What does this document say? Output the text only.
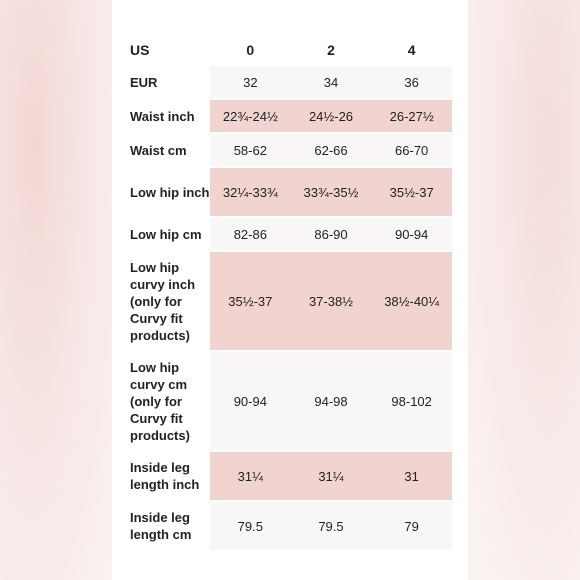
US	0	2	4
EUR	32	34	36

Waist inch	22¾-24½	24½-26	26-27½

Waist cm	58-62	62-66	66-70

Low hip inch	32¼-33¾	33¾-35½	35½-37

Low hip cm	82-86	86-90	90-94

Low hip curvy inch (only for Curvy fit products)	35½-37	37-38½	38½-40¼

Low hip curvy cm (only for Curvy fit products)	90-94	94-98	98-102

Inside leg length inch	31¼	31¼	31

Inside leg length cm	79.5	79.5	79
